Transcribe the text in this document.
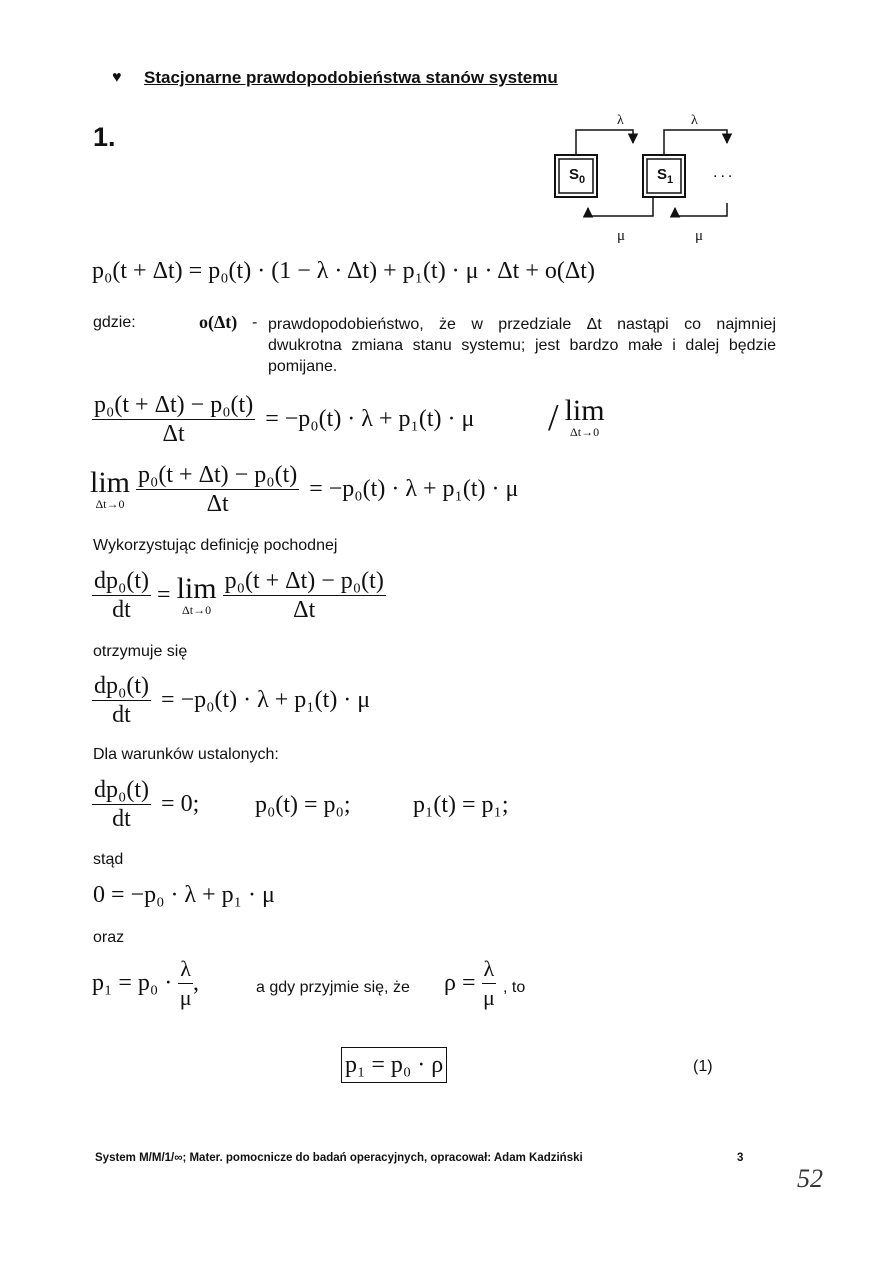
♥ Stacjonarne prawdopodobieństwa stanów systemu
1.
$S_0$	$S_1$
λ	λ
μ	μ
...
p₀(t + Δt) = p₀(t) · (1 − λ · Δt) + p₁(t) · μ · Δt + o(Δt)
gdzie:	o(Δt) - prawdopodobieństwo, że w przedziale Δt nastąpi co najmniej dwukrotna zmiana stanu systemu; jest bardzo małe i dalej będzie pomijane.
$\frac{\text{p₀(t + Δt) − p₀(t)}}{\Delta t} = -p_0(t) \cdot \lambda + p_1(t) \cdot \mu / \lim$
Δt→0
lim
Δt→0
$\frac{\text{p₀(t + Δt) − p₀(t)}}{\Delta t} = -p_0(t) \cdot \lambda + p_1(t) \cdot \mu$
Wykorzystując definicję pochodnej
$\frac{\text{dp₀(t)}}{dt} = \lim$
Δt→0
$\frac{\text{p₀(t + Δt) − p₀(t)}}{\Delta t}$
otrzymuje się
$\frac{\text{dp₀(t)}}{dt} = -p_0(t) \cdot \lambda + p_1(t) \cdot \mu$
Dla warunków ustalonych:
$\frac{\text{dp₀(t)}}{dt} = 0$; p₀(t) = p₀;	p₁(t) = p₁;
stąd
0 = −p₀ · λ + p₁ · μ
oraz
$p_1 = p_0 \cdot \frac{\lambda}{\mu}$ ,	a gdy przyjmie się, że $\rho = \frac{\lambda}{\mu}$ , to
p₁ = p₀ · ρ	(1)
System M/M/1/∞; Mater. pomocnicze do badań operacyjnych, opracował: Adam Kadziński	3
52
